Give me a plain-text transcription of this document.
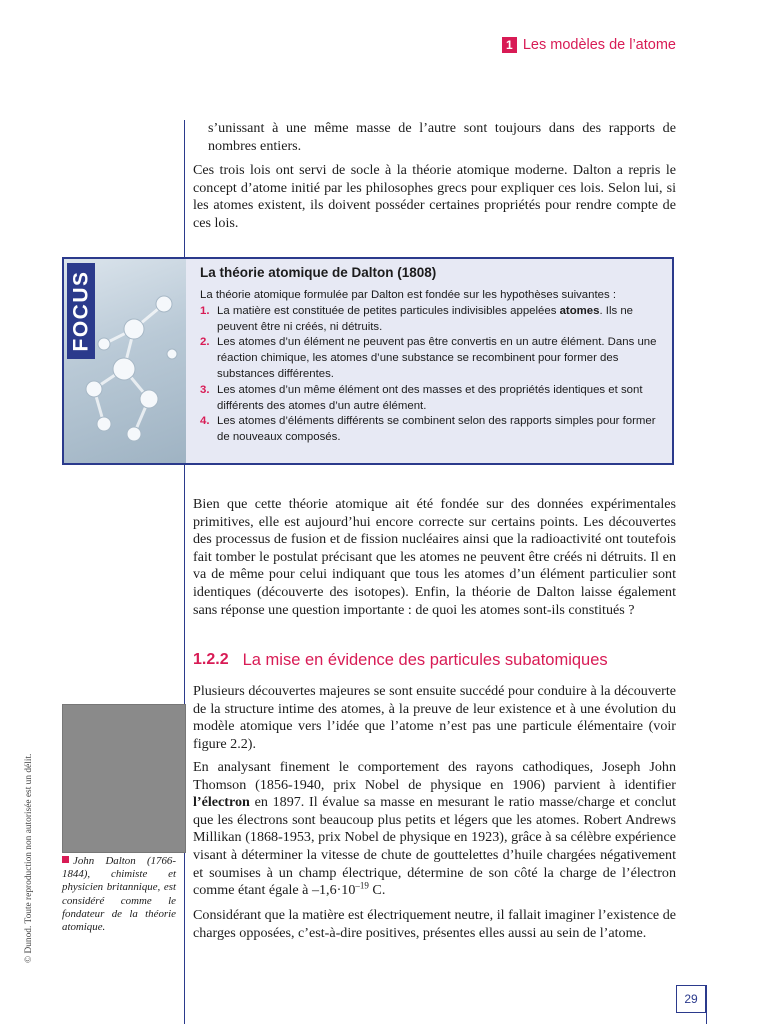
1 Les modèles de l’atome

s’unissant à une même masse de l’autre sont toujours dans des rapports de nombres entiers.

Ces trois lois ont servi de socle à la théorie atomique moderne. Dalton a repris le concept d’atome initié par les philosophes grecs pour expliquer ces lois. Selon lui, si les atomes existent, ils doivent posséder certaines propriétés pour rendre compte de ces lois.

FOCUS	La théorie atomique de Dalton (1808)

La théorie atomique formulée par Dalton est fondée sur les hypothèses suivantes :

1. La matière est constituée de petites particules indivisibles appelées atomes. Ils ne peuvent être ni créés, ni détruits.
2. Les atomes d’un élément ne peuvent pas être convertis en un autre élément. Dans une réaction chimique, les atomes d’une substance se recombinent pour former des substances différentes.
3. Les atomes d’un même élément ont des masses et des propriétés identiques et sont différents des atomes d’un autre élément.
4. Les atomes d’éléments différents se combinent selon des rapports simples pour former de nouveaux composés.

Bien que cette théorie atomique ait été fondée sur des données expérimentales primitives, elle est aujourd’hui encore correcte sur certains points. Les découvertes des processus de fusion et de fission nucléaires ainsi que la radioactivité ont toutefois fait tomber le postulat précisant que les atomes ne peuvent être créés ni détruits. Il en va de même pour celui indiquant que tous les atomes d’un élément particulier sont identiques (découverte des isotopes). Enfin, la théorie de Dalton laisse également sans réponse une question importante : de quoi les atomes sont-ils constitués ?

1.2.2 La mise en évidence des particules subatomiques

Plusieurs découvertes majeures se sont ensuite succédé pour conduire à la découverte de la structure intime des atomes, à la preuve de leur existence et à une évolution du modèle atomique vers l’idée que l’atome n’est pas une particule élémentaire (voir figure 2.2).

En analysant finement le comportement des rayons cathodiques, Joseph John Thomson (1856-1940, prix Nobel de physique en 1906) parvient à identifier l’électron en 1897. Il évalue sa masse en mesurant le ratio masse/charge et conclut que les électrons sont beaucoup plus petits et légers que les atomes. Robert Andrews Millikan (1868-1953, prix Nobel de physique en 1923), grâce à sa célèbre expérience visant à déterminer la vitesse de chute de gouttelettes d’huile chargées négativement et soumises à un champ électrique, détermine de son côté la charge de l’électron comme étant égale à $-1,6\cdot 10^{-19}$ C.

Considérant que la matière est électriquement neutre, il fallait imaginer l’existence de charges opposées, c’est-à-dire positives, présentes elles aussi au sein de l’atome.

John Dalton (1766-1844), chimiste et physicien britannique, est considéré comme le fondateur de la théorie atomique.

© Dunod. Toute reproduction non autorisée est un délit.
29
